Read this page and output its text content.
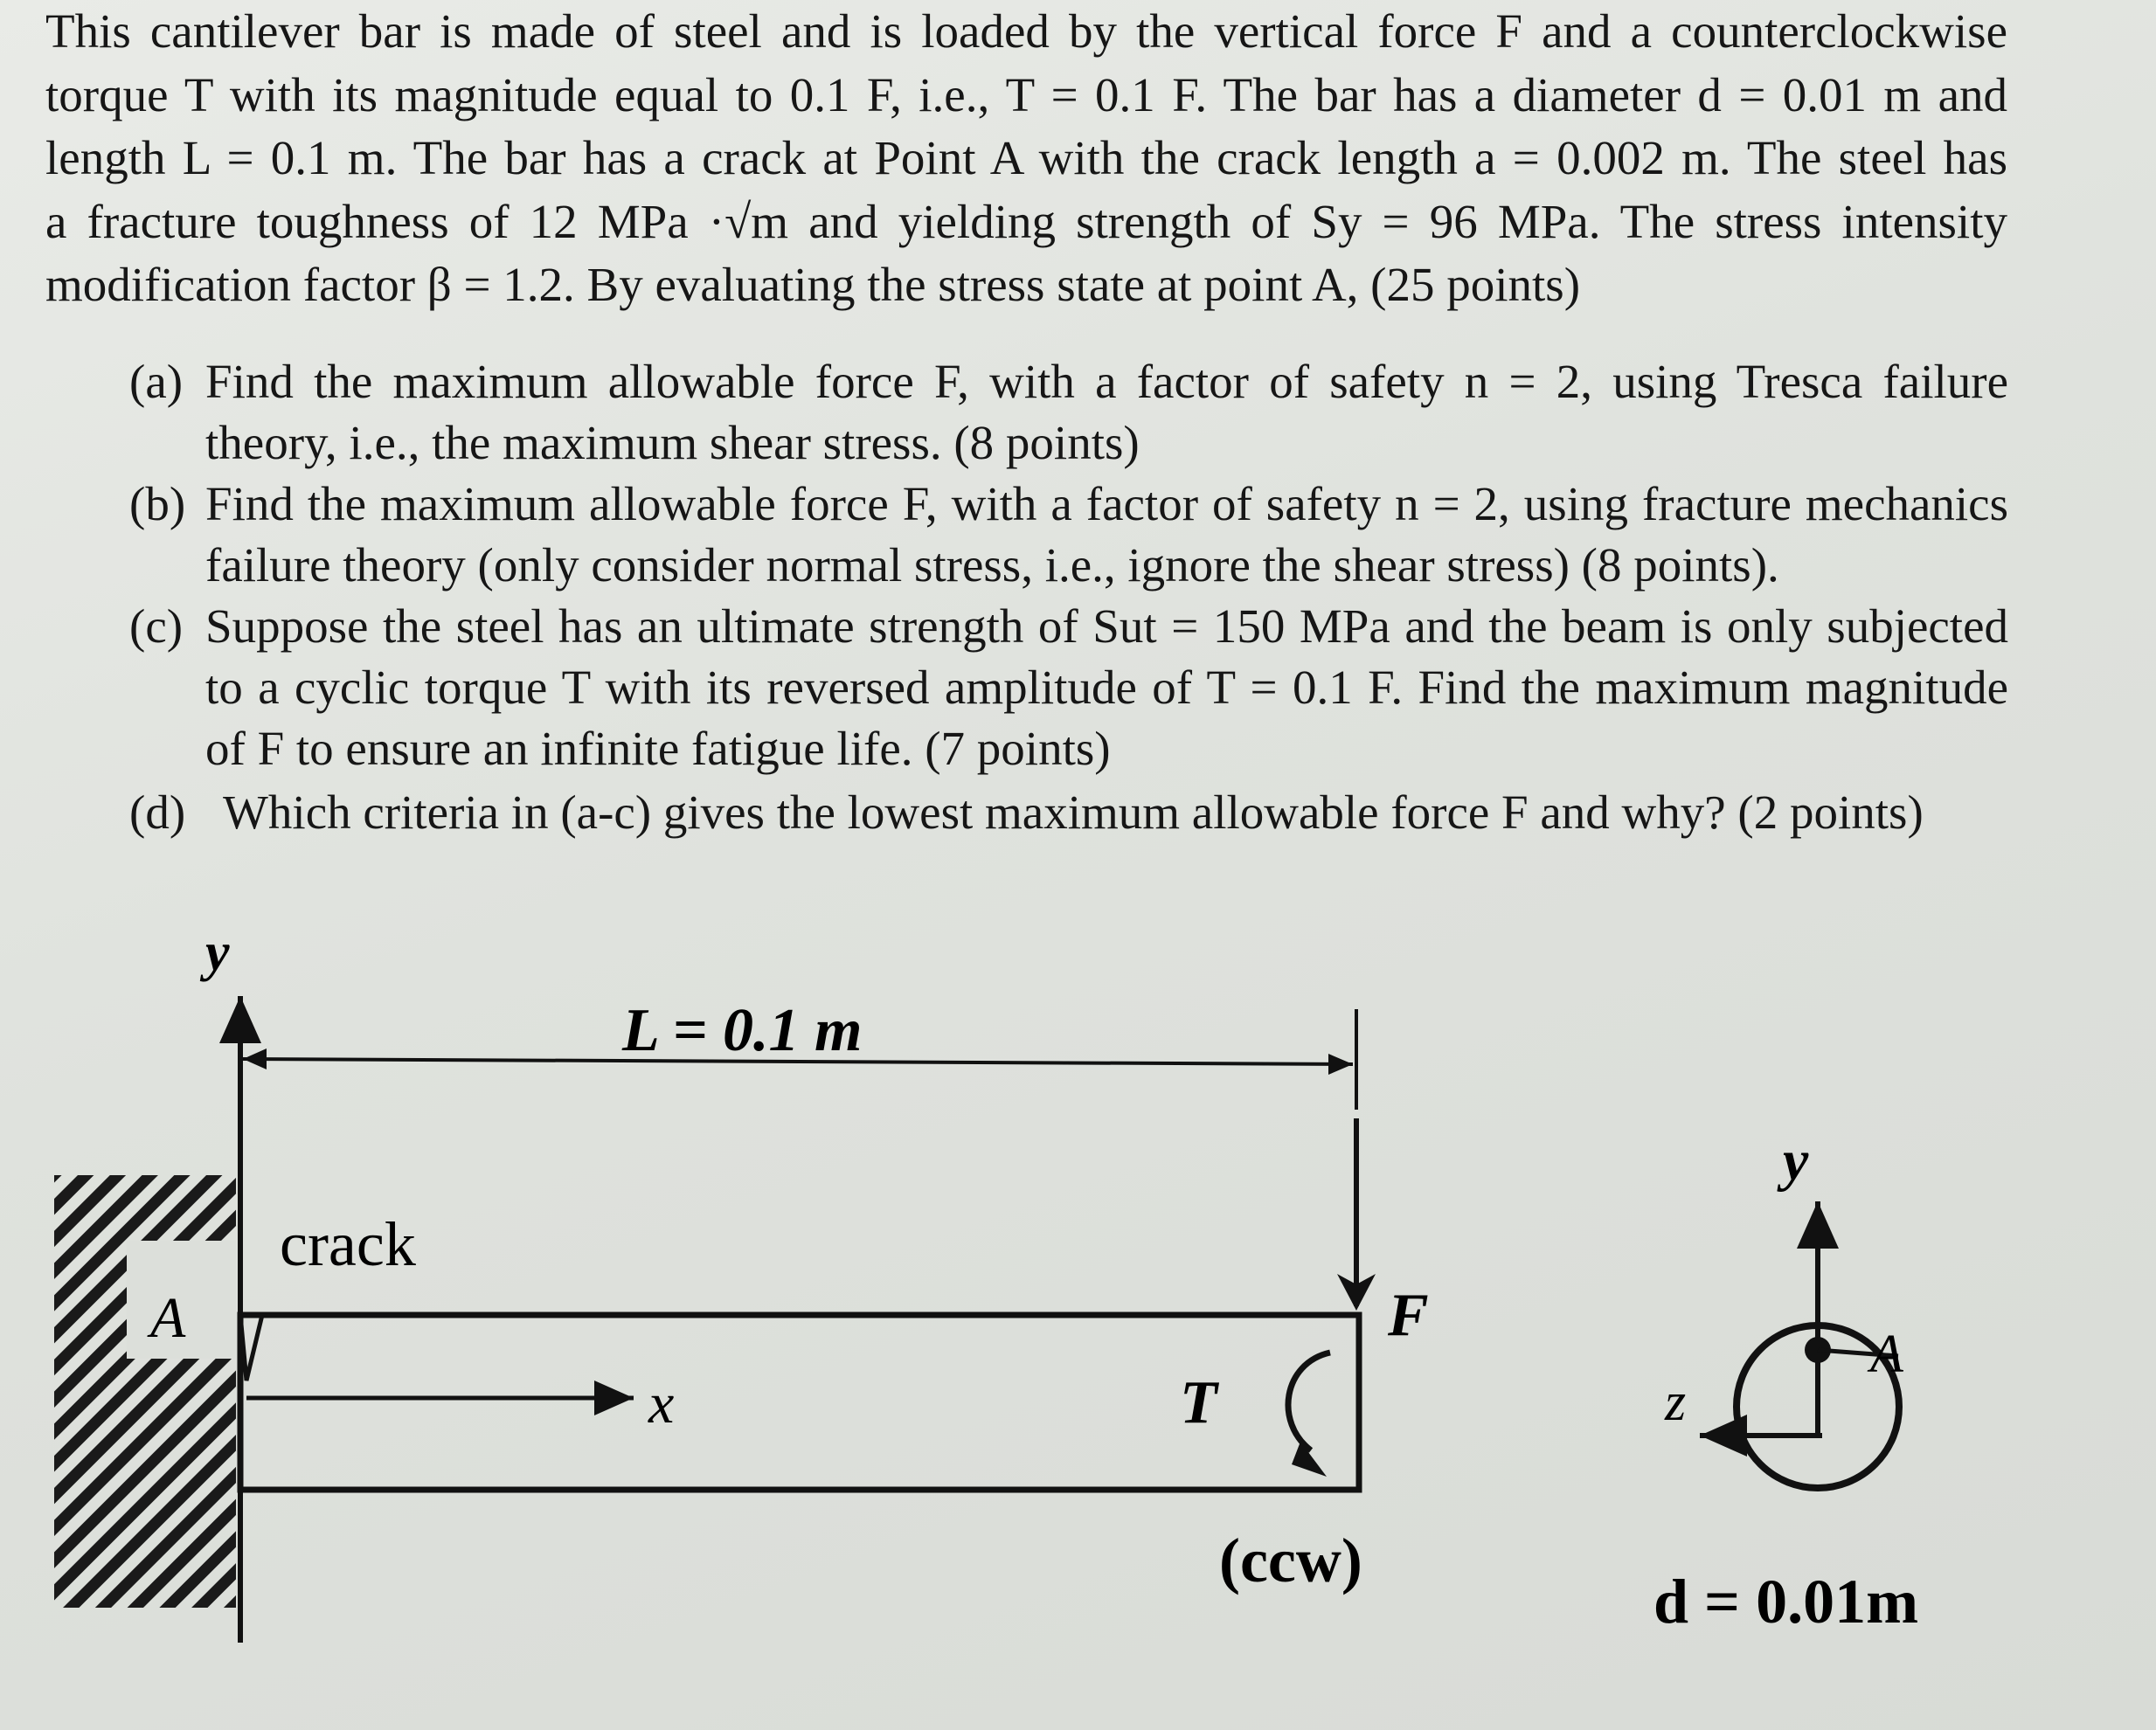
This cantilever bar is made of steel and is loaded by the vertical force F and a counterclockwise
torque T with its magnitude equal to 0.1 F, i.e., T = 0.1 F. The bar has a diameter d = 0.01 m and
length L = 0.1 m. The bar has a crack at Point A with the crack length a = 0.002 m. The steel has
a fracture toughness of 12 MPa ·√m and yielding strength of Sy = 96 MPa. The stress intensity
modification factor β = 1.2. By evaluating the stress state at point A, (25 points)
(a) Find the maximum allowable force F, with a factor of safety n = 2, using Tresca failure
theory, i.e., the maximum shear stress. (8 points)
(b) Find the maximum allowable force F, with a factor of safety n = 2, using fracture mechanics
failure theory (only consider normal stress, i.e., ignore the shear stress) (8 points).
(c) Suppose the steel has an ultimate strength of Sut = 150 MPa and the beam is only subjected
to a cyclic torque T with its reversed amplitude of T = 0.1 F. Find the maximum magnitude
of F to ensure an infinite fatigue life. (7 points)
(d) Which criteria in (a-c) gives the lowest maximum allowable force F and why? (2 points)
y
L = 0.1 m
crack
A
x
F
T
(ccw)
y
z
A
d = 0.01m
